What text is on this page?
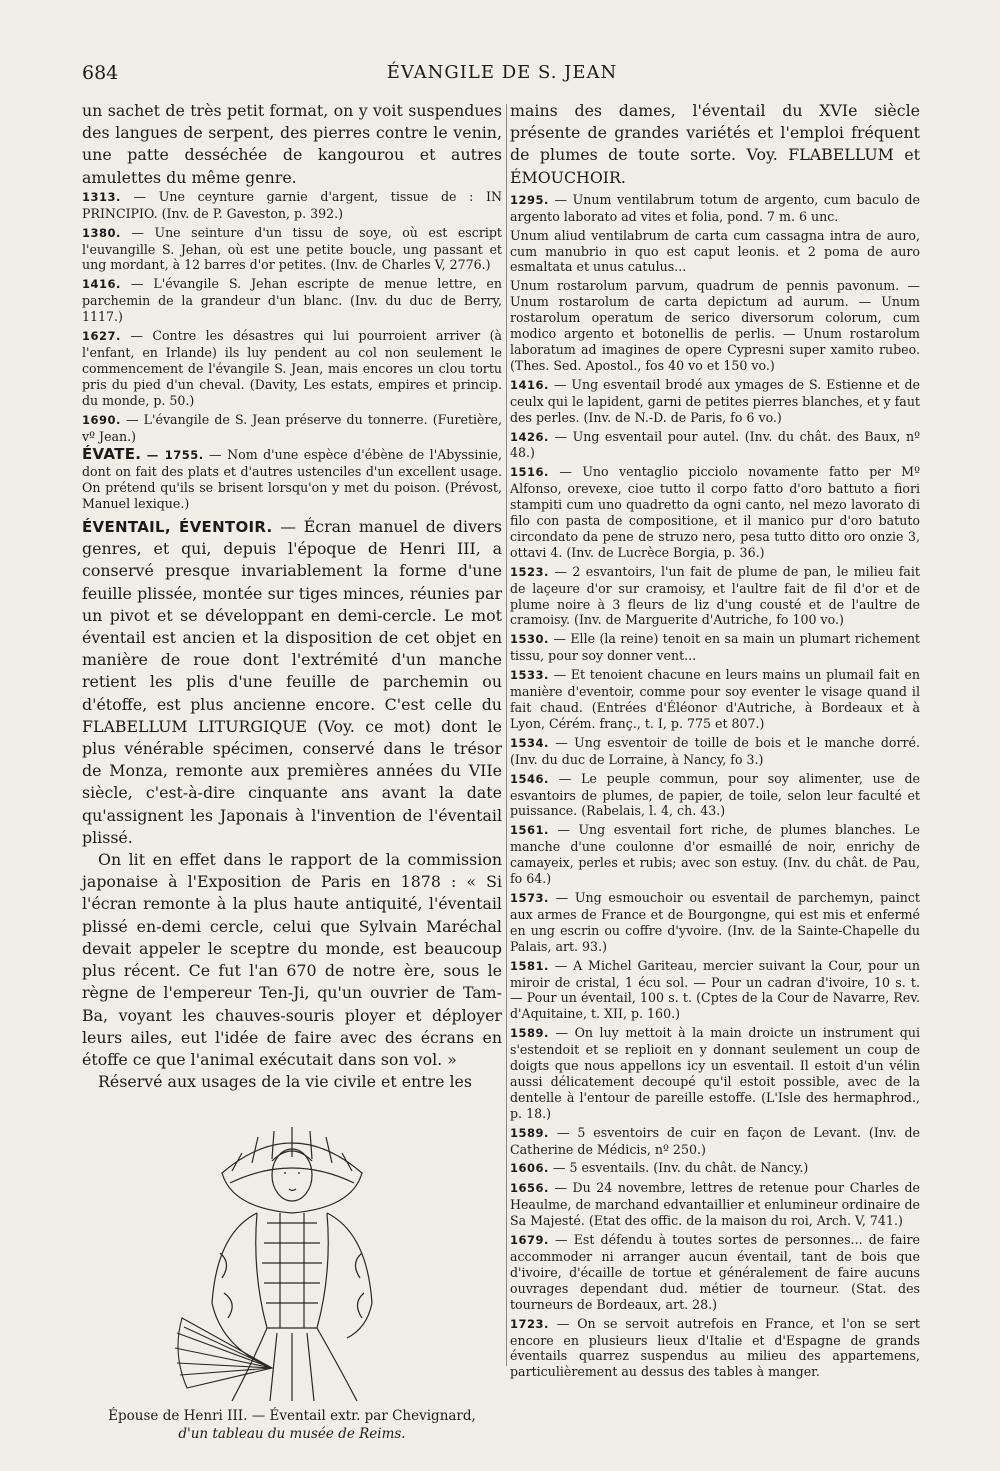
684	ÉVANGILE DE S. JEAN

un sachet de très petit format, on y voit suspendues des langues de serpent, des pierres contre le venin, une patte desséchée de kangourou et autres amulettes du même genre.

1313. — Une ceynture garnie d'argent, tissue de : IN PRINCIPIO. (Inv. de P. Gaveston, p. 392.)

1380. — Une seinture d'un tissu de soye, où est escript l'euvangille S. Jehan, où est une petite boucle, ung passant et ung mordant, à 12 barres d'or petites. (Inv. de Charles V, 2776.)

1416. — L'évangile S. Jehan escripte de menue lettre, en parchemin de la grandeur d'un blanc. (Inv. du duc de Berry, 1117.)

1627. — Contre les désastres qui lui pourroient arriver (à l'enfant, en Irlande) ils luy pendent au col non seulement le commencement de l'évangile S. Jean, mais encores un clou tortu pris du pied d'un cheval. (Davity, Les estats, empires et princip. du monde, p. 50.)

1690. — L'évangile de S. Jean préserve du tonnerre. (Furetière, vº Jean.)

ÉVATE. — 1755. — Nom d'une espèce d'ébène de l'Abyssinie, dont on fait des plats et d'autres ustenciles d'un excellent usage. On prétend qu'ils se brisent lorsqu'on y met du poison. (Prévost, Manuel lexique.)

ÉVENTAIL, ÉVENTOIR. — Écran manuel de divers genres, et qui, depuis l'époque de Henri III, a conservé presque invariablement la forme d'une feuille plissée, montée sur tiges minces, réunies par un pivot et se développant en demi-cercle. Le mot éventail est ancien et la disposition de cet objet en manière de roue dont l'extrémité d'un manche retient les plis d'une feuille de parchemin ou d'étoffe, est plus ancienne encore. C'est celle du FLABELLUM LITURGIQUE (Voy. ce mot) dont le plus vénérable spécimen, conservé dans le trésor de Monza, remonte aux premières années du VIIe siècle, c'est-à-dire cinquante ans avant la date qu'assignent les Japonais à l'invention de l'éventail plissé.

On lit en effet dans le rapport de la commission japonaise à l'Exposition de Paris en 1878 : « Si l'écran remonte à la plus haute antiquité, l'éventail plissé en-demi cercle, celui que Sylvain Maréchal devait appeler le sceptre du monde, est beaucoup plus récent. Ce fut l'an 670 de notre ère, sous le règne de l'empereur Ten-Ji, qu'un ouvrier de Tam-Ba, voyant les chauves-souris ployer et déployer leurs ailes, eut l'idée de faire avec des écrans en étoffe ce que l'animal exécutait dans son vol. »

Réservé aux usages de la vie civile et entre les

Épouse de Henri III. — Éventail extr. par Chevignard,

d'un tableau du musée de Reims.

mains des dames, l'éventail du XVIe siècle présente de grandes variétés et l'emploi fréquent de plumes de toute sorte. Voy. FLABELLUM et ÉMOUCHOIR.

1295. — Unum ventilabrum totum de argento, cum baculo de argento laborato ad vites et folia, pond. 7 m. 6 unc.

Unum aliud ventilabrum de carta cum cassagna intra de auro, cum manubrio in quo est caput leonis. et 2 poma de auro esmaltata et unus catulus...

Unum rostarolum parvum, quadrum de pennis pavonum. — Unum rostarolum de carta depictum ad aurum. — Unum rostarolum operatum de serico diversorum colorum, cum modico argento et botonellis de perlis. — Unum rostarolum laboratum ad imagines de opere Cypresni super xamito rubeo. (Thes. Sed. Apostol., fos 40 vo et 150 vo.)

1416. — Ung esventail brodé aux ymages de S. Estienne et de ceulx qui le lapident, garni de petites pierres blanches, et y faut des perles. (Inv. de N.-D. de Paris, fo 6 vo.)

1426. — Ung esventail pour autel. (Inv. du chât. des Baux, nº 48.)

1516. — Uno ventaglio picciolo novamente fatto per Mº Alfonso, orevexe, cioe tutto il corpo fatto d'oro battuto a fiori stampiti cum uno quadretto da ogni canto, nel mezo lavorato di filo con pasta de compositione, et il manico pur d'oro batuto circondato da pene de struzo nero, pesa tutto ditto oro onzie 3, ottavi 4. (Inv. de Lucrèce Borgia, p. 36.)

1523. — 2 esvantoirs, l'un fait de plume de pan, le milieu fait de laçeure d'or sur cramoisy, et l'aultre fait de fil d'or et de plume noire à 3 fleurs de liz d'ung cousté et de l'aultre de cramoisy. (Inv. de Marguerite d'Autriche, fo 100 vo.)

1530. — Elle (la reine) tenoit en sa main un plumart richement tissu, pour soy donner vent...

1533. — Et tenoient chacune en leurs mains un plumail fait en manière d'eventoir, comme pour soy eventer le visage quand il fait chaud. (Entrées d'Éléonor d'Autriche, à Bordeaux et à Lyon, Cérém. franç., t. I, p. 775 et 807.)

1534. — Ung esventoir de toille de bois et le manche dorré. (Inv. du duc de Lorraine, à Nancy, fo 3.)

1546. — Le peuple commun, pour soy alimenter, use de esvantoirs de plumes, de papier, de toile, selon leur faculté et puissance. (Rabelais, l. 4, ch. 43.)

1561. — Ung esventail fort riche, de plumes blanches. Le manche d'une coulonne d'or esmaillé de noir, enrichy de camayeix, perles et rubis; avec son estuy. (Inv. du chât. de Pau, fo 64.)

1573. — Ung esmouchoir ou esventail de parchemyn, painct aux armes de France et de Bourgongne, qui est mis et enfermé en ung escrin ou coffre d'yvoire. (Inv. de la Sainte-Chapelle du Palais, art. 93.)

1581. — A Michel Gariteau, mercier suivant la Cour, pour un miroir de cristal, 1 écu sol. — Pour un cadran d'ivoire, 10 s. t. — Pour un éventail, 100 s. t. (Cptes de la Cour de Navarre, Rev. d'Aquitaine, t. XII, p. 160.)

1589. — On luy mettoit à la main droicte un instrument qui s'estendoit et se replioit en y donnant seulement un coup de doigts que nous appellons icy un esventail. Il estoit d'un vélin aussi délicatement decoupé qu'il estoit possible, avec de la dentelle à l'entour de pareille estoffe. (L'Isle des hermaphrod., p. 18.)

1589. — 5 esventoirs de cuir en façon de Levant. (Inv. de Catherine de Médicis, nº 250.)

1606. — 5 esventails. (Inv. du chât. de Nancy.)

1656. — Du 24 novembre, lettres de retenue pour Charles de Heaulme, de marchand edvantaillier et enlumineur ordinaire de Sa Majesté. (Etat des offic. de la maison du roi, Arch. V, 741.)

1679. — Est défendu à toutes sortes de personnes... de faire accommoder ni arranger aucun éventail, tant de bois que d'ivoire, d'écaille de tortue et généralement de faire aucuns ouvrages dependant dud. métier de tourneur. (Stat. des tourneurs de Bordeaux, art. 28.)

1723. — On se servoit autrefois en France, et l'on se sert encore en plusieurs lieux d'Italie et d'Espagne de grands éventails quarrez suspendus au milieu des appartemens, particulièrement au dessus des tables à manger.
